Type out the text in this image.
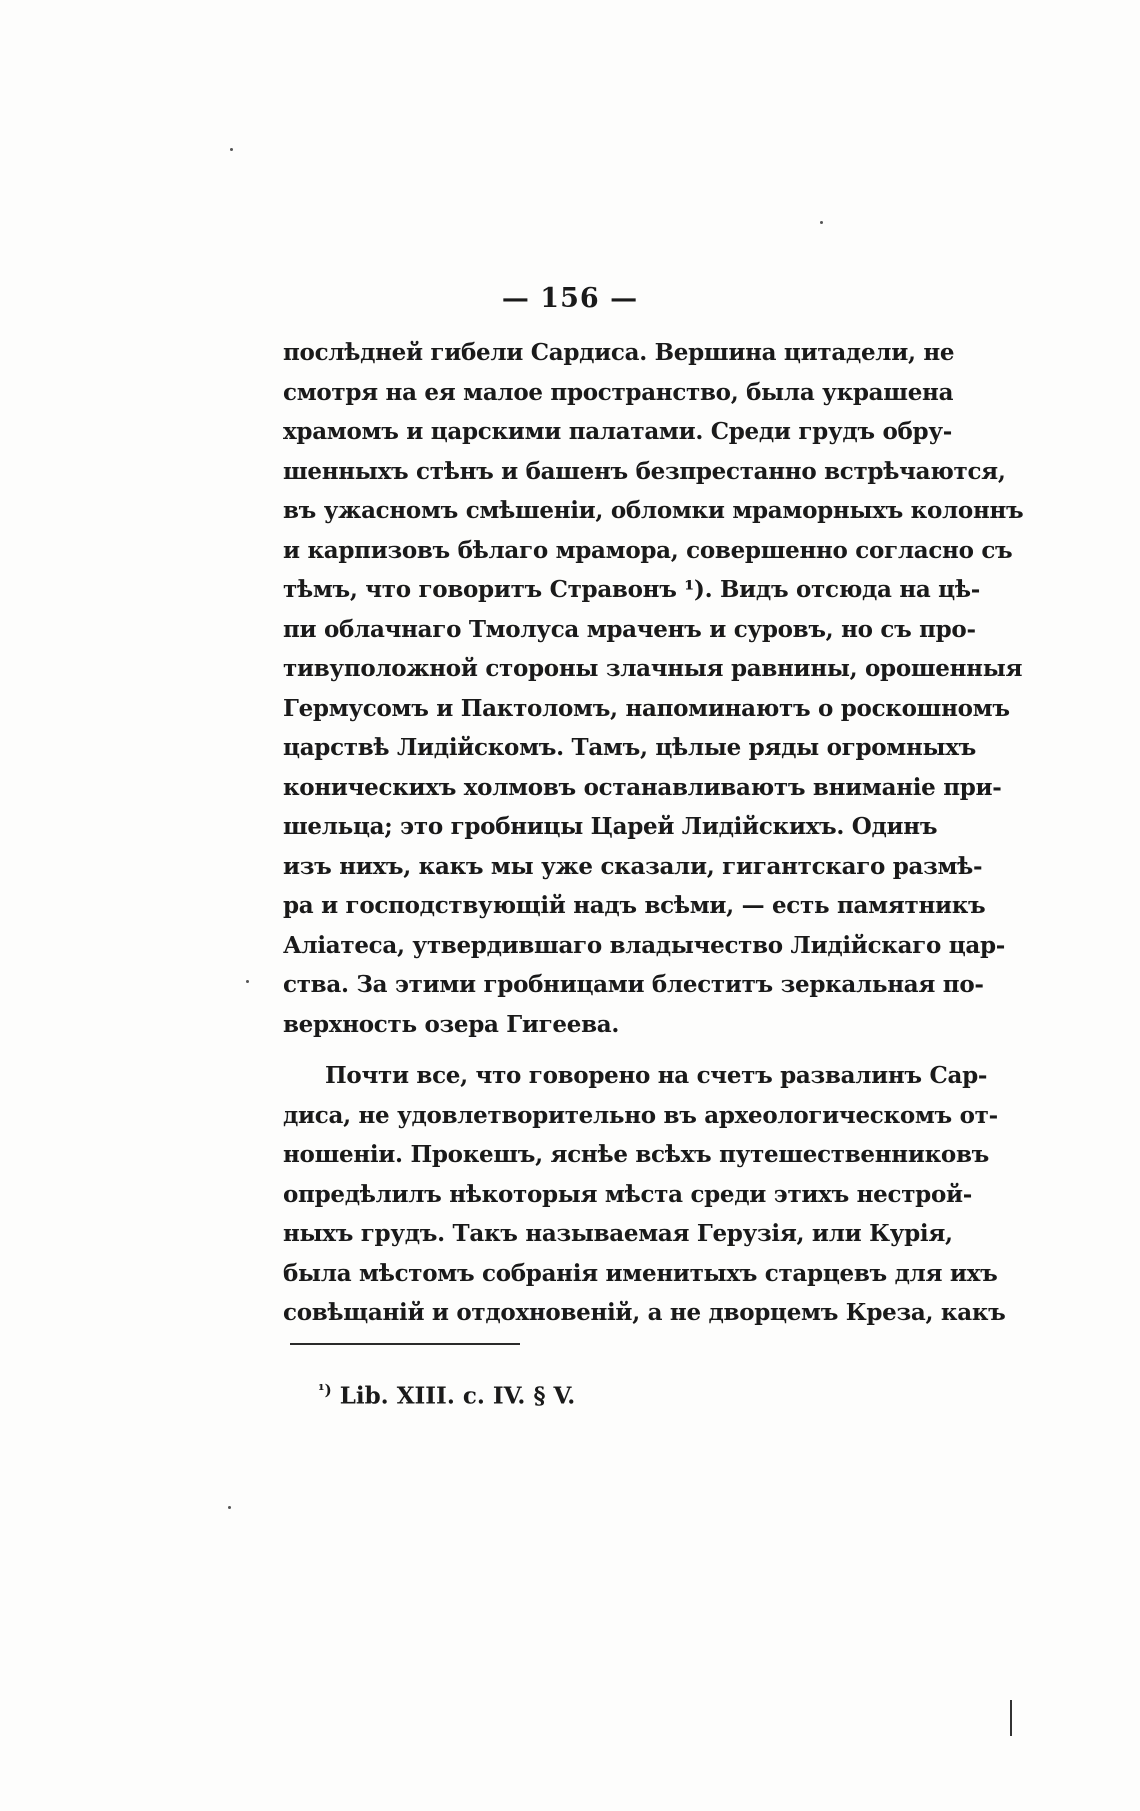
— 156 —
послѣдней гибели Сардиса. Вершина цитадели, не
смотря на ея малое пространство, была украшена
храмомъ и царскими палатами. Среди грудъ обру-
шенныхъ стѣнъ и башенъ безпрестанно встрѣчаются,
въ ужасномъ смѣшеніи, обломки мраморныхъ колоннъ
и карпизовъ бѣлаго мрамора, совершенно согласно съ
тѣмъ, что говоритъ Стравонъ ¹). Видъ отсюда на цѣ-
пи облачнаго Тмолуса мраченъ и суровъ, но съ про-
тивуположной стороны злачныя равнины, орошенныя
Гермусомъ и Пактоломъ, напоминаютъ о роскошномъ
царствѣ Лидійскомъ. Тамъ, цѣлые ряды огромныхъ
коническихъ холмовъ останавливаютъ вниманіе при-
шельца; это гробницы Царей Лидійскихъ. Одинъ
изъ нихъ, какъ мы уже сказали, гигантскаго размѣ-
ра и господствующій надъ всѣми, — есть памятникъ
Аліатеса, утвердившаго владычество Лидійскаго цар-
ства. За этими гробницами блеститъ зеркальная по-
верхность озера Гигеева.
Почти все, что говорено на счетъ развалинъ Сар-
диса, не удовлетворительно въ археологическомъ от-
ношеніи. Прокешъ, яснѣе всѣхъ путешественниковъ
опредѣлилъ нѣкоторыя мѣста среди этихъ нестрой-
ныхъ грудъ. Такъ называемая Герузія, или Курія,
была мѣстомъ собранія именитыхъ старцевъ для ихъ
совѣщаній и отдохновеній, а не дворцемъ Креза, какъ
$^{^1)}$ Lib. XIII. c. IV. § V.
